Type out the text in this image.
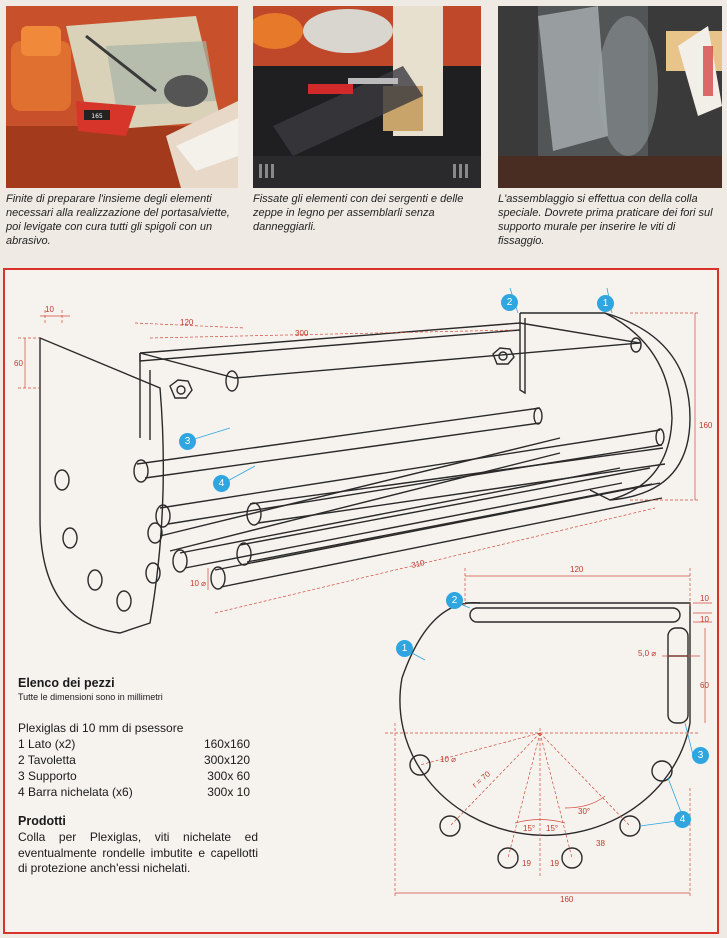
165
Finite di preparare l'insieme degli elementi necessari alla realizzazione del portasalviette, poi levigate con cura tutti gli spigoli con un abrasivo.
Fissate gli elementi con dei sergenti e delle zeppe in legno per assemblarli senza danneggiarli.
L'assemblaggio si effettua con della colla speciale. Dovrete prima praticare dei fori sul supporto murale per inserire le viti di fissaggio.
10
60
120
300
160
310
10 ⌀
120
10
10
5,0 ⌀
60
10 ⌀
r = 70
30°
15° 15°
38
19 19
160
1
2
3
4
2
1
3
4
Elenco dei pezzi
Tutte le dimensioni sono in millimetri
Plexiglas di 10 mm di psessore
1 Lato (x2)	160x160
2 Tavoletta	300x120
3 Supporto	300x 60
4 Barra nichelata (x6)	300x 10
Prodotti
Colla per Plexiglas, viti nichelate ed eventualmente rondelle imbutite e capellotti di protezione anch'essi nichelati.
